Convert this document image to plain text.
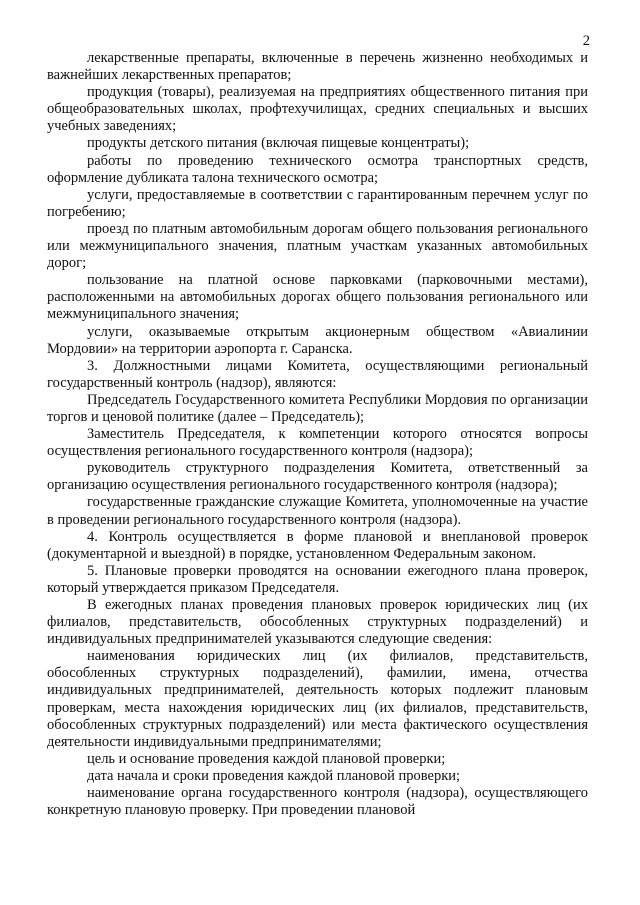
2

лекарственные препараты, включенные в перечень жизненно необходимых и важнейших лекарственных препаратов;

продукция (товары), реализуемая на предприятиях общественного питания при общеобразовательных школах, профтехучилищах, средних специальных и высших учебных заведениях;

продукты детского питания (включая пищевые концентраты);

работы по проведению технического осмотра транспортных средств, оформление дубликата талона технического осмотра;

услуги, предоставляемые в соответствии с гарантированным перечнем услуг по погребению;

проезд по платным автомобильным дорогам общего пользования регионального или межмуниципального значения, платным участкам указанных автомобильных дорог;

пользование на платной основе парковками (парковочными местами), расположенными на автомобильных дорогах общего пользования регионального или межмуниципального значения;

услуги, оказываемые открытым акционерным обществом «Авиалинии Мордовии» на территории аэропорта г. Саранска.

3. Должностными лицами Комитета, осуществляющими региональный государственный контроль (надзор), являются:

Председатель Государственного комитета Республики Мордовия по организации торгов и ценовой политике (далее – Председатель);

Заместитель Председателя, к компетенции которого относятся вопросы осуществления регионального государственного контроля (надзора);

руководитель структурного подразделения Комитета, ответственный за организацию осуществления регионального государственного контроля (надзора);

государственные гражданские служащие Комитета, уполномоченные на участие в проведении регионального государственного контроля (надзора).

4. Контроль осуществляется в форме плановой и внеплановой проверок (документарной и выездной) в порядке, установленном Федеральным законом.

5. Плановые проверки проводятся на основании ежегодного плана проверок, который утверждается приказом Председателя.

В ежегодных планах проведения плановых проверок юридических лиц (их филиалов, представительств, обособленных структурных подразделений) и индивидуальных предпринимателей указываются следующие сведения:

наименования юридических лиц (их филиалов, представительств, обособленных структурных подразделений), фамилии, имена, отчества индивидуальных предпринимателей, деятельность которых подлежит плановым проверкам, места нахождения юридических лиц (их филиалов, представительств, обособленных структурных подразделений) или места фактического осуществления деятельности индивидуальными предпринимателями;

цель и основание проведения каждой плановой проверки;

дата начала и сроки проведения каждой плановой проверки;

наименование органа государственного контроля (надзора), осуществляющего конкретную плановую проверку. При проведении плановой
